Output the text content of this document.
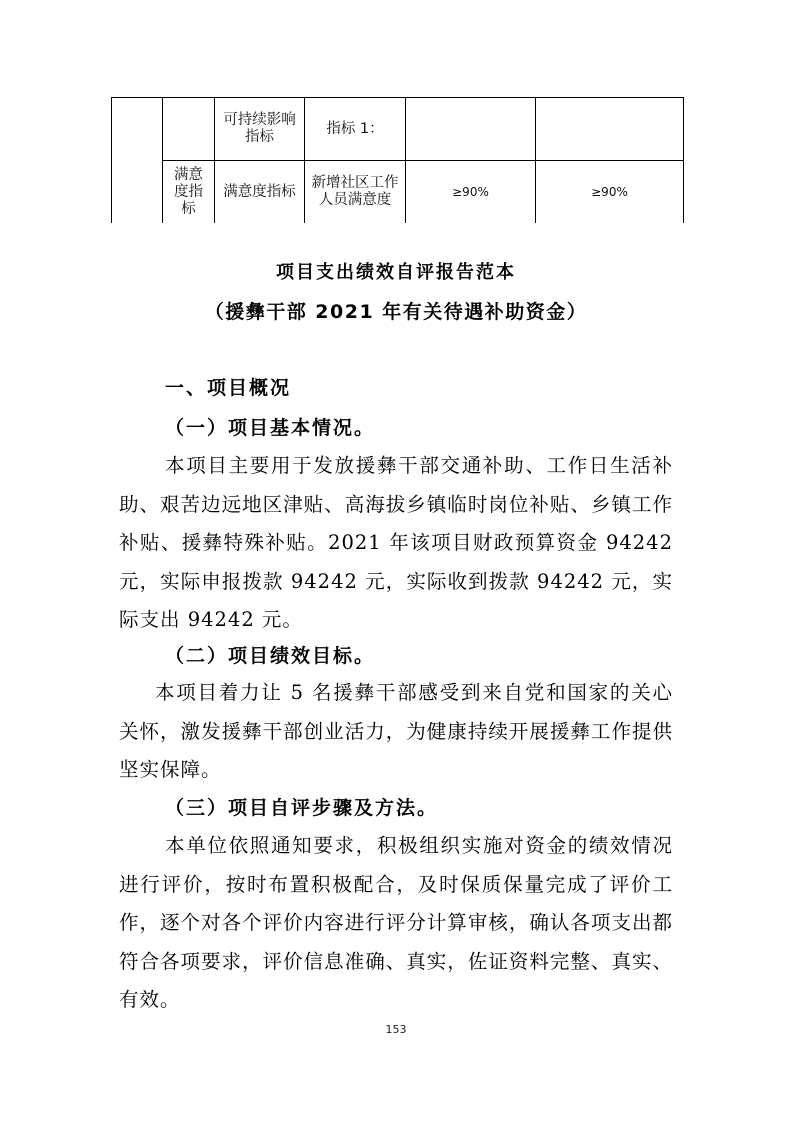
		可持续影响指标	指标 1：		
	满意度指标	满意度指标	新增社区工作人员满意度	≥90%	≥90%
项目支出绩效自评报告范本
（援彝干部 2021 年有关待遇补助资金）
一、项目概况
（一）项目基本情况。

本项目主要用于发放援彝干部交通补助、工作日生活补助、艰苦边远地区津贴、高海拔乡镇临时岗位补贴、乡镇工作补贴、援彝特殊补贴。2021 年该项目财政预算资金 94242 元，实际申报拨款 94242 元，实际收到拨款 94242 元，实际支出 94242 元。

（二）项目绩效目标。

本项目着力让 5 名援彝干部感受到来自党和国家的关心关怀，激发援彝干部创业活力，为健康持续开展援彝工作提供坚实保障。

（三）项目自评步骤及方法。

本单位依照通知要求，积极组织实施对资金的绩效情况进行评价，按时布置积极配合，及时保质保量完成了评价工作，逐个对各个评价内容进行评分计算审核，确认各项支出都符合各项要求，评价信息准确、真实，佐证资料完整、真实、有效。

153
